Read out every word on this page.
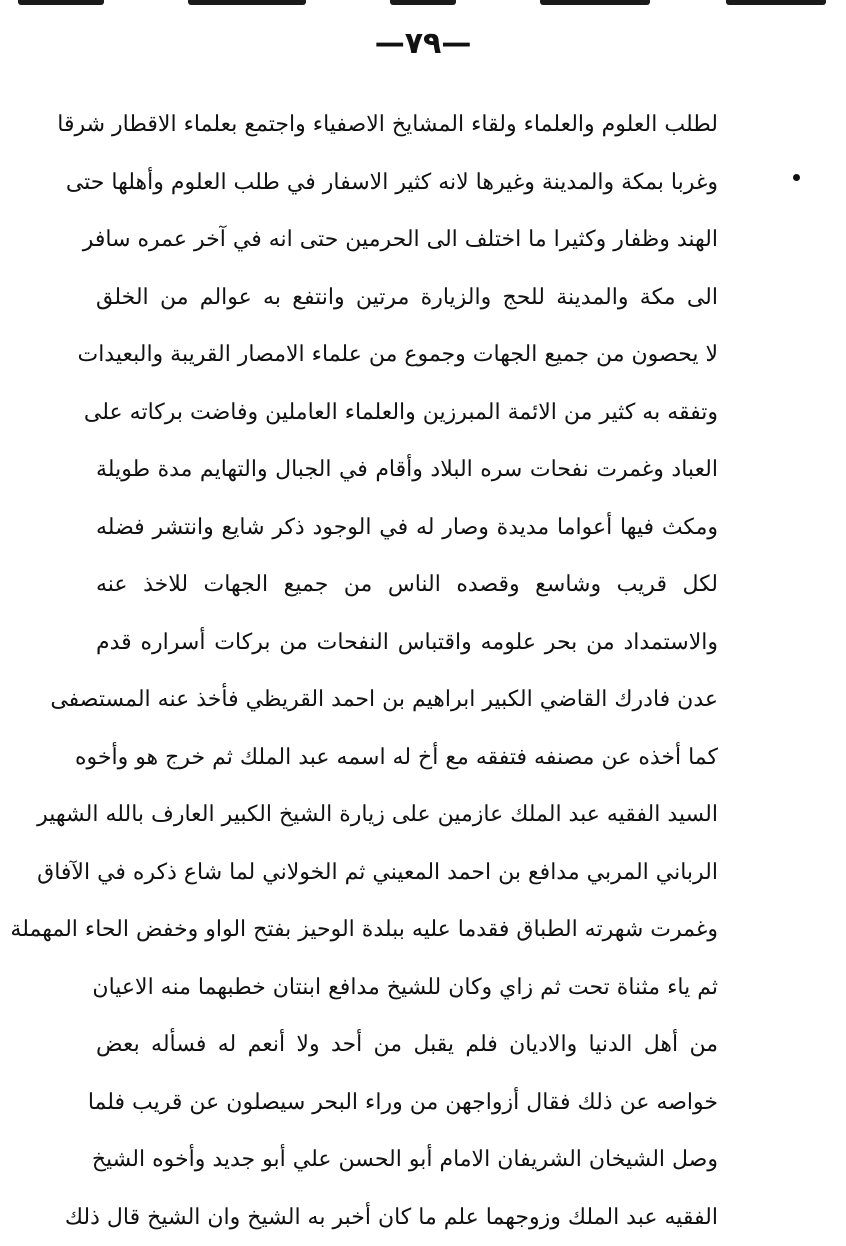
—٧٩—
لطلب العلوم والعلماء ولقاء المشايخ الاصفياء واجتمع بعلماء الاقطار شرقا
وغربا بمكة والمدينة وغيرها لانه كثير الاسفار في طلب العلوم وأهلها حتى
الهند وظفار وكثيرا ما اختلف الى الحرمين حتى انه في آخر عمره سافر
الى مكة والمدينة للحج والزيارة مرتين وانتفع به عوالم من الخلق
لا يحصون من جميع الجهات وجموع من علماء الامصار القريبة والبعيدات
وتفقه به كثير من الائمة المبرزين والعلماء العاملين وفاضت بركاته على
العباد وغمرت نفحات سره البلاد وأقام في الجبال والتهايم مدة طويلة
ومكث فيها أعواما مديدة وصار له في الوجود ذكر شايع وانتشر فضله
لكل قريب وشاسع وقصده الناس من جميع الجهات للاخذ عنه
والاستمداد من بحر علومه واقتباس النفحات من بركات أسراره قدم
عدن فادرك القاضي الكبير ابراهيم بن احمد القريظي فأخذ عنه المستصفى
كما أخذه عن مصنفه فتفقه مع أخ له اسمه عبد الملك ثم خرج هو وأخوه
السيد الفقيه عبد الملك عازمين على زيارة الشيخ الكبير العارف بالله الشهير
الرباني المربي مدافع بن احمد المعيني ثم الخولاني لما شاع ذكره في الآفاق
وغمرت شهرته الطباق فقدما عليه ببلدة الوحيز بفتح الواو وخفض الحاء المهملة
ثم ياء مثناة تحت ثم زاي وكان للشيخ مدافع ابنتان خطبهما منه الاعيان
من أهل الدنيا والاديان فلم يقبل من أحد ولا أنعم له فسأله بعض
خواصه عن ذلك فقال أزواجهن من وراء البحر سيصلون عن قريب فلما
وصل الشيخان الشريفان الامام أبو الحسن علي أبو جديد وأخوه الشيخ
الفقيه عبد الملك وزوجهما علم ما كان أخبر به الشيخ وان الشيخ قال ذلك
